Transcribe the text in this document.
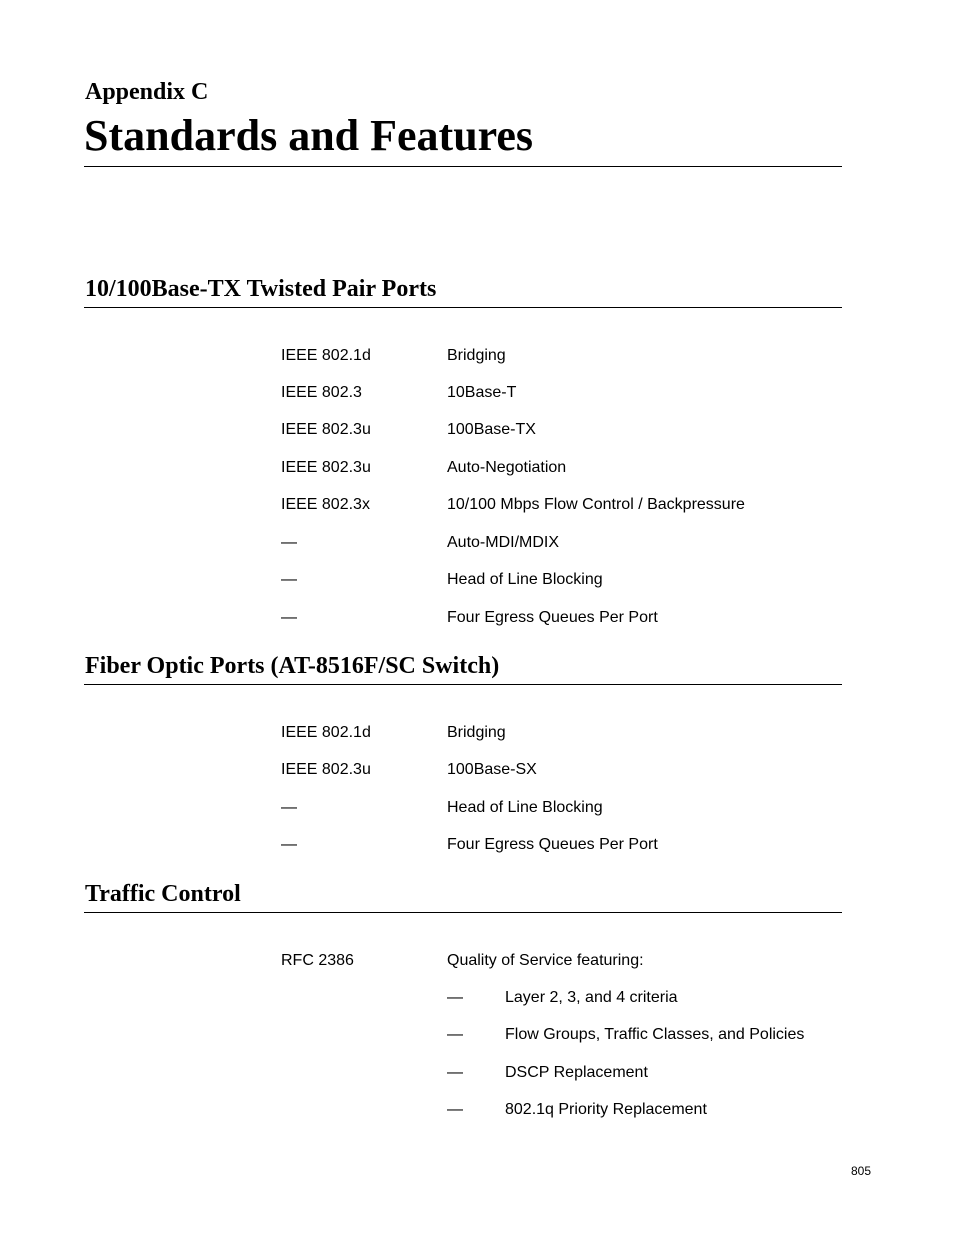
Appendix C
Standards and Features
10/100Base-TX Twisted Pair Ports
IEEE 802.1d	Bridging
IEEE 802.3	10Base-T
IEEE 802.3u	100Base-TX
IEEE 802.3u	Auto-Negotiation
IEEE 802.3x	10/100 Mbps Flow Control / Backpressure
—	Auto-MDI/MDIX
—	Head of Line Blocking
—	Four Egress Queues Per Port
Fiber Optic Ports (AT-8516F/SC Switch)
IEEE 802.1d	Bridging
IEEE 802.3u	100Base-SX
—	Head of Line Blocking
—	Four Egress Queues Per Port
Traffic Control
RFC 2386	Quality of Service featuring:
—	Layer 2, 3, and 4 criteria
—	Flow Groups, Traffic Classes, and Policies
—	DSCP Replacement
—	802.1q Priority Replacement
805
